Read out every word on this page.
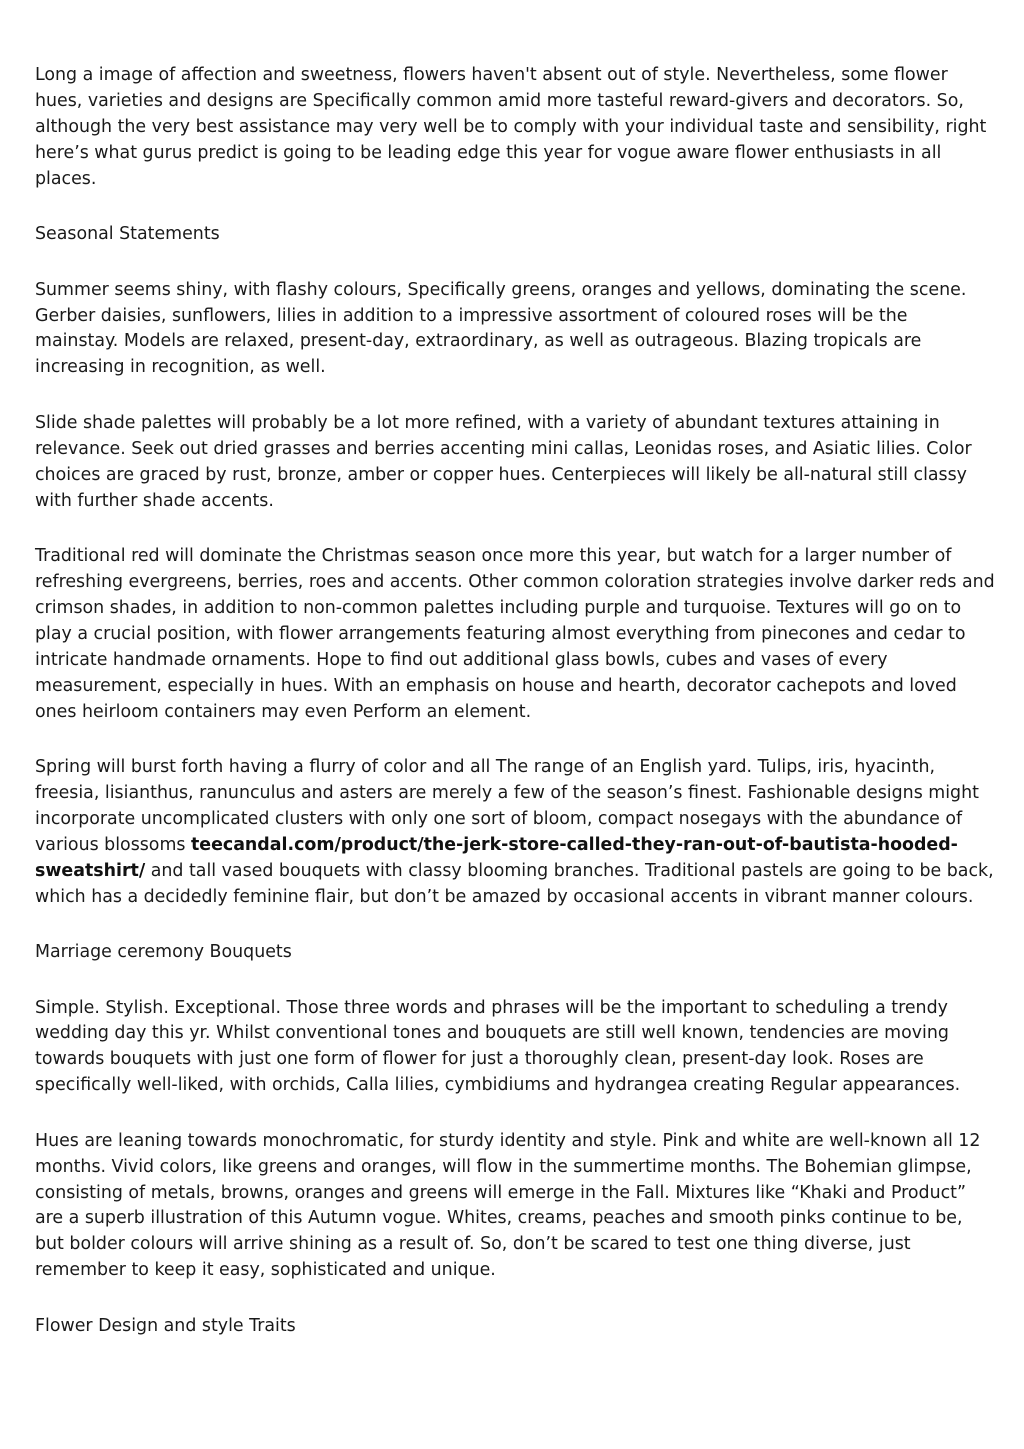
Long a image of affection and sweetness, flowers haven't absent out of style. Nevertheless, some flower hues, varieties and designs are Specifically common amid more tasteful reward-givers and decorators. So, although the very best assistance may very well be to comply with your individual taste and sensibility, right here’s what gurus predict is going to be leading edge this year for vogue aware flower enthusiasts in all places.

Seasonal Statements

Summer seems shiny, with flashy colours, Specifically greens, oranges and yellows, dominating the scene. Gerber daisies, sunflowers, lilies in addition to a impressive assortment of coloured roses will be the mainstay. Models are relaxed, present-day, extraordinary, as well as outrageous. Blazing tropicals are increasing in recognition, as well.

Slide shade palettes will probably be a lot more refined, with a variety of abundant textures attaining in relevance. Seek out dried grasses and berries accenting mini callas, Leonidas roses, and Asiatic lilies. Color choices are graced by rust, bronze, amber or copper hues. Centerpieces will likely be all-natural still classy with further shade accents.

Traditional red will dominate the Christmas season once more this year, but watch for a larger number of refreshing evergreens, berries, roes and accents. Other common coloration strategies involve darker reds and crimson shades, in addition to non-common palettes including purple and turquoise. Textures will go on to play a crucial position, with flower arrangements featuring almost everything from pinecones and cedar to intricate handmade ornaments. Hope to find out additional glass bowls, cubes and vases of every measurement, especially in hues. With an emphasis on house and hearth, decorator cachepots and loved ones heirloom containers may even Perform an element.

Spring will burst forth having a flurry of color and all The range of an English yard. Tulips, iris, hyacinth, freesia, lisianthus, ranunculus and asters are merely a few of the season’s finest. Fashionable designs might incorporate uncomplicated clusters with only one sort of bloom, compact nosegays with the abundance of various blossoms teecandal.com/product/the-jerk-store-called-they-ran-out-of-bautista-hooded-sweatshirt/ and tall vased bouquets with classy blooming branches. Traditional pastels are going to be back, which has a decidedly feminine flair, but don’t be amazed by occasional accents in vibrant manner colours.

Marriage ceremony Bouquets

Simple. Stylish. Exceptional. Those three words and phrases will be the important to scheduling a trendy wedding day this yr. Whilst conventional tones and bouquets are still well known, tendencies are moving towards bouquets with just one form of flower for just a thoroughly clean, present-day look. Roses are specifically well-liked, with orchids, Calla lilies, cymbidiums and hydrangea creating Regular appearances.

Hues are leaning towards monochromatic, for sturdy identity and style. Pink and white are well-known all 12 months. Vivid colors, like greens and oranges, will flow in the summertime months. The Bohemian glimpse, consisting of metals, browns, oranges and greens will emerge in the Fall. Mixtures like “Khaki and Product” are a superb illustration of this Autumn vogue. Whites, creams, peaches and smooth pinks continue to be, but bolder colours will arrive shining as a result of. So, don’t be scared to test one thing diverse, just remember to keep it easy, sophisticated and unique.

Flower Design and style Traits
